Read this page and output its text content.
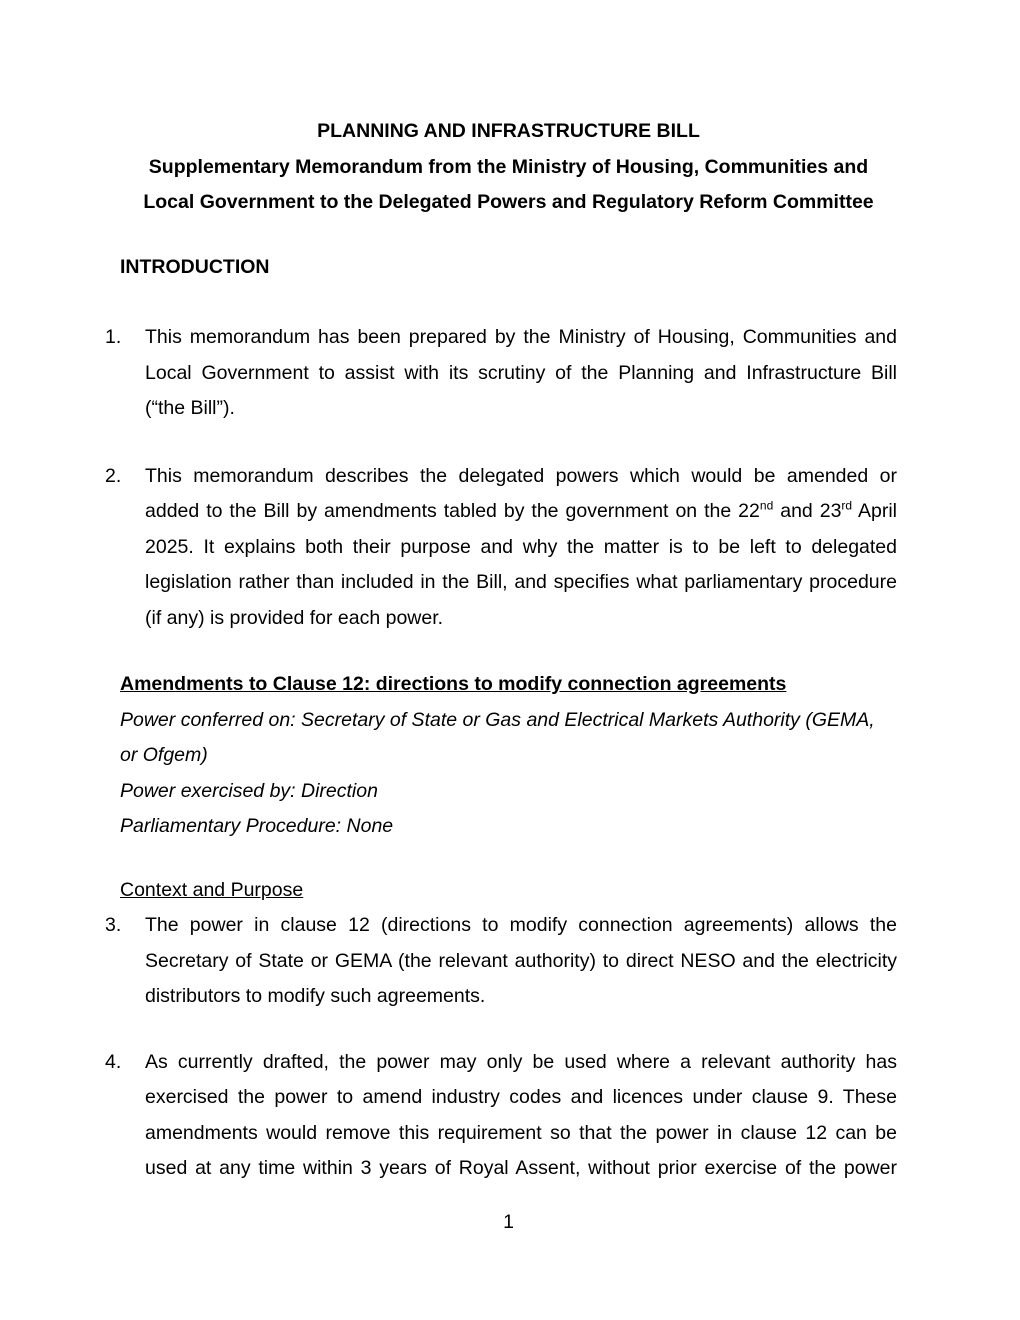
PLANNING AND INFRASTRUCTURE BILL
Supplementary Memorandum from the Ministry of Housing, Communities and
Local Government to the Delegated Powers and Regulatory Reform Committee
INTRODUCTION
1.	This memorandum has been prepared by the Ministry of Housing, Communities and
Local Government to assist with its scrutiny of the Planning and Infrastructure Bill
(“the Bill”).
2.	This memorandum describes the delegated powers which would be amended or
added to the Bill by amendments tabled by the government on the 22nd and 23rd April
2025. It explains both their purpose and why the matter is to be left to delegated
legislation rather than included in the Bill, and specifies what parliamentary procedure
(if any) is provided for each power.
Amendments to Clause 12: directions to modify connection agreements
Power conferred on: Secretary of State or Gas and Electrical Markets Authority (GEMA,
or Ofgem)
Power exercised by: Direction
Parliamentary Procedure: None
Context and Purpose
3.	The power in clause 12 (directions to modify connection agreements) allows the
Secretary of State or GEMA (the relevant authority) to direct NESO and the electricity
distributors to modify such agreements.
4.	As currently drafted, the power may only be used where a relevant authority has
exercised the power to amend industry codes and licences under clause 9. These
amendments would remove this requirement so that the power in clause 12 can be
used at any time within 3 years of Royal Assent, without prior exercise of the power
1
